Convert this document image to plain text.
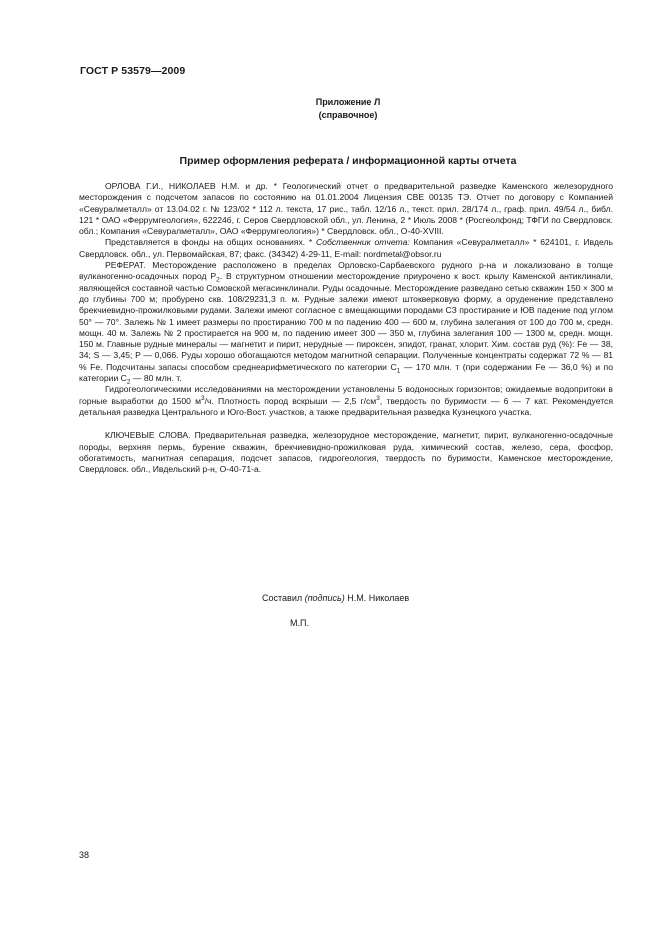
ГОСТ Р 53579—2009
Приложение Л
(справочное)
Пример оформления реферата / информационной карты отчета

ОРЛОВА Г.И., НИКОЛАЕВ Н.М. и др. * Геологический отчет о предварительной разведке Каменского железорудного месторождения с подсчетом запасов по состоянию на 01.01.2004 Лицензия СВЕ 00135 ТЭ. Отчет по договору с Компанией «Севуралметалл» от 13.04.02 г. № 123/02 * 112 л. текста, 17 рис., табл. 12/16 л., текст. прил. 28/174 л., граф. прил. 49/54 л., библ. 121 * ОАО «Феррумгеология», 622246, г. Серов Свердловской обл., ул. Ленина, 2 * Июль 2008 * (Росгеолфонд; ТФГИ по Свердловск. обл.; Компания «Севуралметалл», ОАО «Феррумгеология») * Свердловск. обл., О-40-XVIII.

Представляется в фонды на общих основаниях. * Собственник отчета: Компания «Севуралметалл» * 624101, г. Ивдель Свердловск. обл., ул. Первомайская, 87; факс. (34342) 4-29-11, E-mail: nordmetal@obsor.ru

РЕФЕРАТ. Месторождение расположено в пределах Орловско-Сарбаевского рудного р-на и локализовано в толще вулканогенно-осадочных пород $P_2$. В структурном отношении месторождение приурочено к вост. крылу Каменской антиклинали, являющейся составной частью Сомовской мегасинклинали. Руды осадочные. Месторождение разведано сетью скважин 150 × 300 м до глубины 700 м; пробурено скв. 108/29231,3 п. м. Рудные залежи имеют штокверковую форму, а оруденение представлено брекчиевидно-прожилковыми рудами. Залежи имеют согласное с вмещающими породами СЗ простирание и ЮВ падение под углом 50° — 70°. Залежь № 1 имеет размеры по простиранию 700 м по падению 400 — 600 м, глубина залегания от 100 до 700 м, средн. мощн. 40 м. Залежь № 2 простирается на 900 м, по падению имеет 300 — 350 м, глубина залегания 100 — 1300 м, средн. мощн. 150 м. Главные рудные минералы — магнетит и пирит, нерудные — пироксен, эпидот, гранат, хлорит. Хим. состав руд (%): Fe — 38, 34; S — 3,45; P — 0,066. Руды хорошо обогащаются методом магнитной сепарации. Полученные концентраты содержат 72 % — 81 % Fe. Подсчитаны запасы способом среднеарифметического по категории $C_1$ — 170 млн. т (при содержании Fe — 36,0 %) и по категории $C_2$ — 80 млн. т.

Гидрогеологическими исследованиями на месторождении установлены 5 водоносных горизонтов; ожидаемые водопритоки в горные выработки до 1500 $м^3/ч$. Плотность пород вскрыши — 2,5 $г/см^3$, твердость по буримости — 6 — 7 кат. Рекомендуется детальная разведка Центрального и Юго-Вост. участков, а также предварительная разведка Кузнецкого участка.

КЛЮЧЕВЫЕ СЛОВА. Предварительная разведка, железорудное месторождение, магнетит, пирит, вулканогенно-осадочные породы, верхняя пермь, бурение скважин, брекчиевидно-прожилковая руда, химический состав, железо, сера, фосфор, обогатимость, магнитная сепарация, подсчет запасов, гидрогеология, твердость по буримости, Каменское месторождение, Свердловск. обл., Ивдельский р-н, О-40-71-а.

Составил (подпись) Н.М. Николаев
М.П.
38
